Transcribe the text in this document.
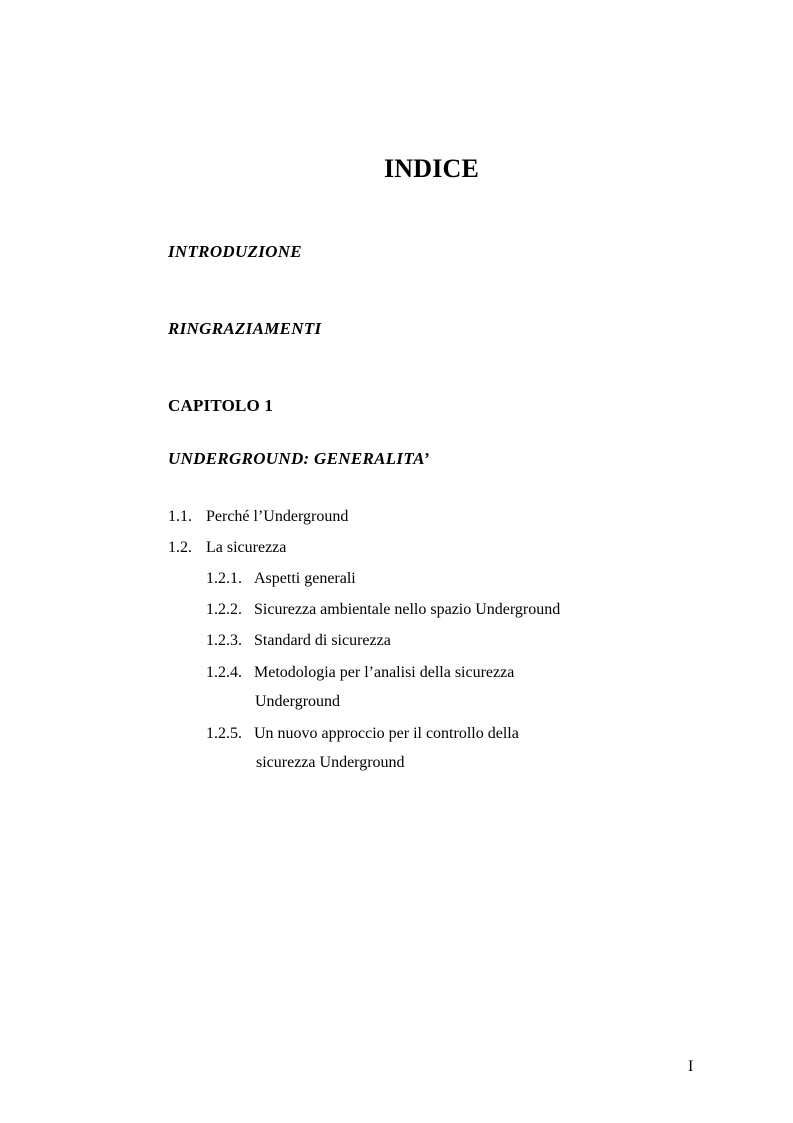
INDICE
INTRODUZIONE
RINGRAZIAMENTI
CAPITOLO 1
UNDERGROUND: GENERALITA’
1.1. Perché l’Underground
1.2. La sicurezza
1.2.1. Aspetti generali
1.2.2. Sicurezza ambientale nello spazio Underground
1.2.3. Standard di sicurezza
1.2.4. Metodologia per l’analisi della sicurezza
Underground
1.2.5. Un nuovo approccio per il controllo della
sicurezza Underground
I
